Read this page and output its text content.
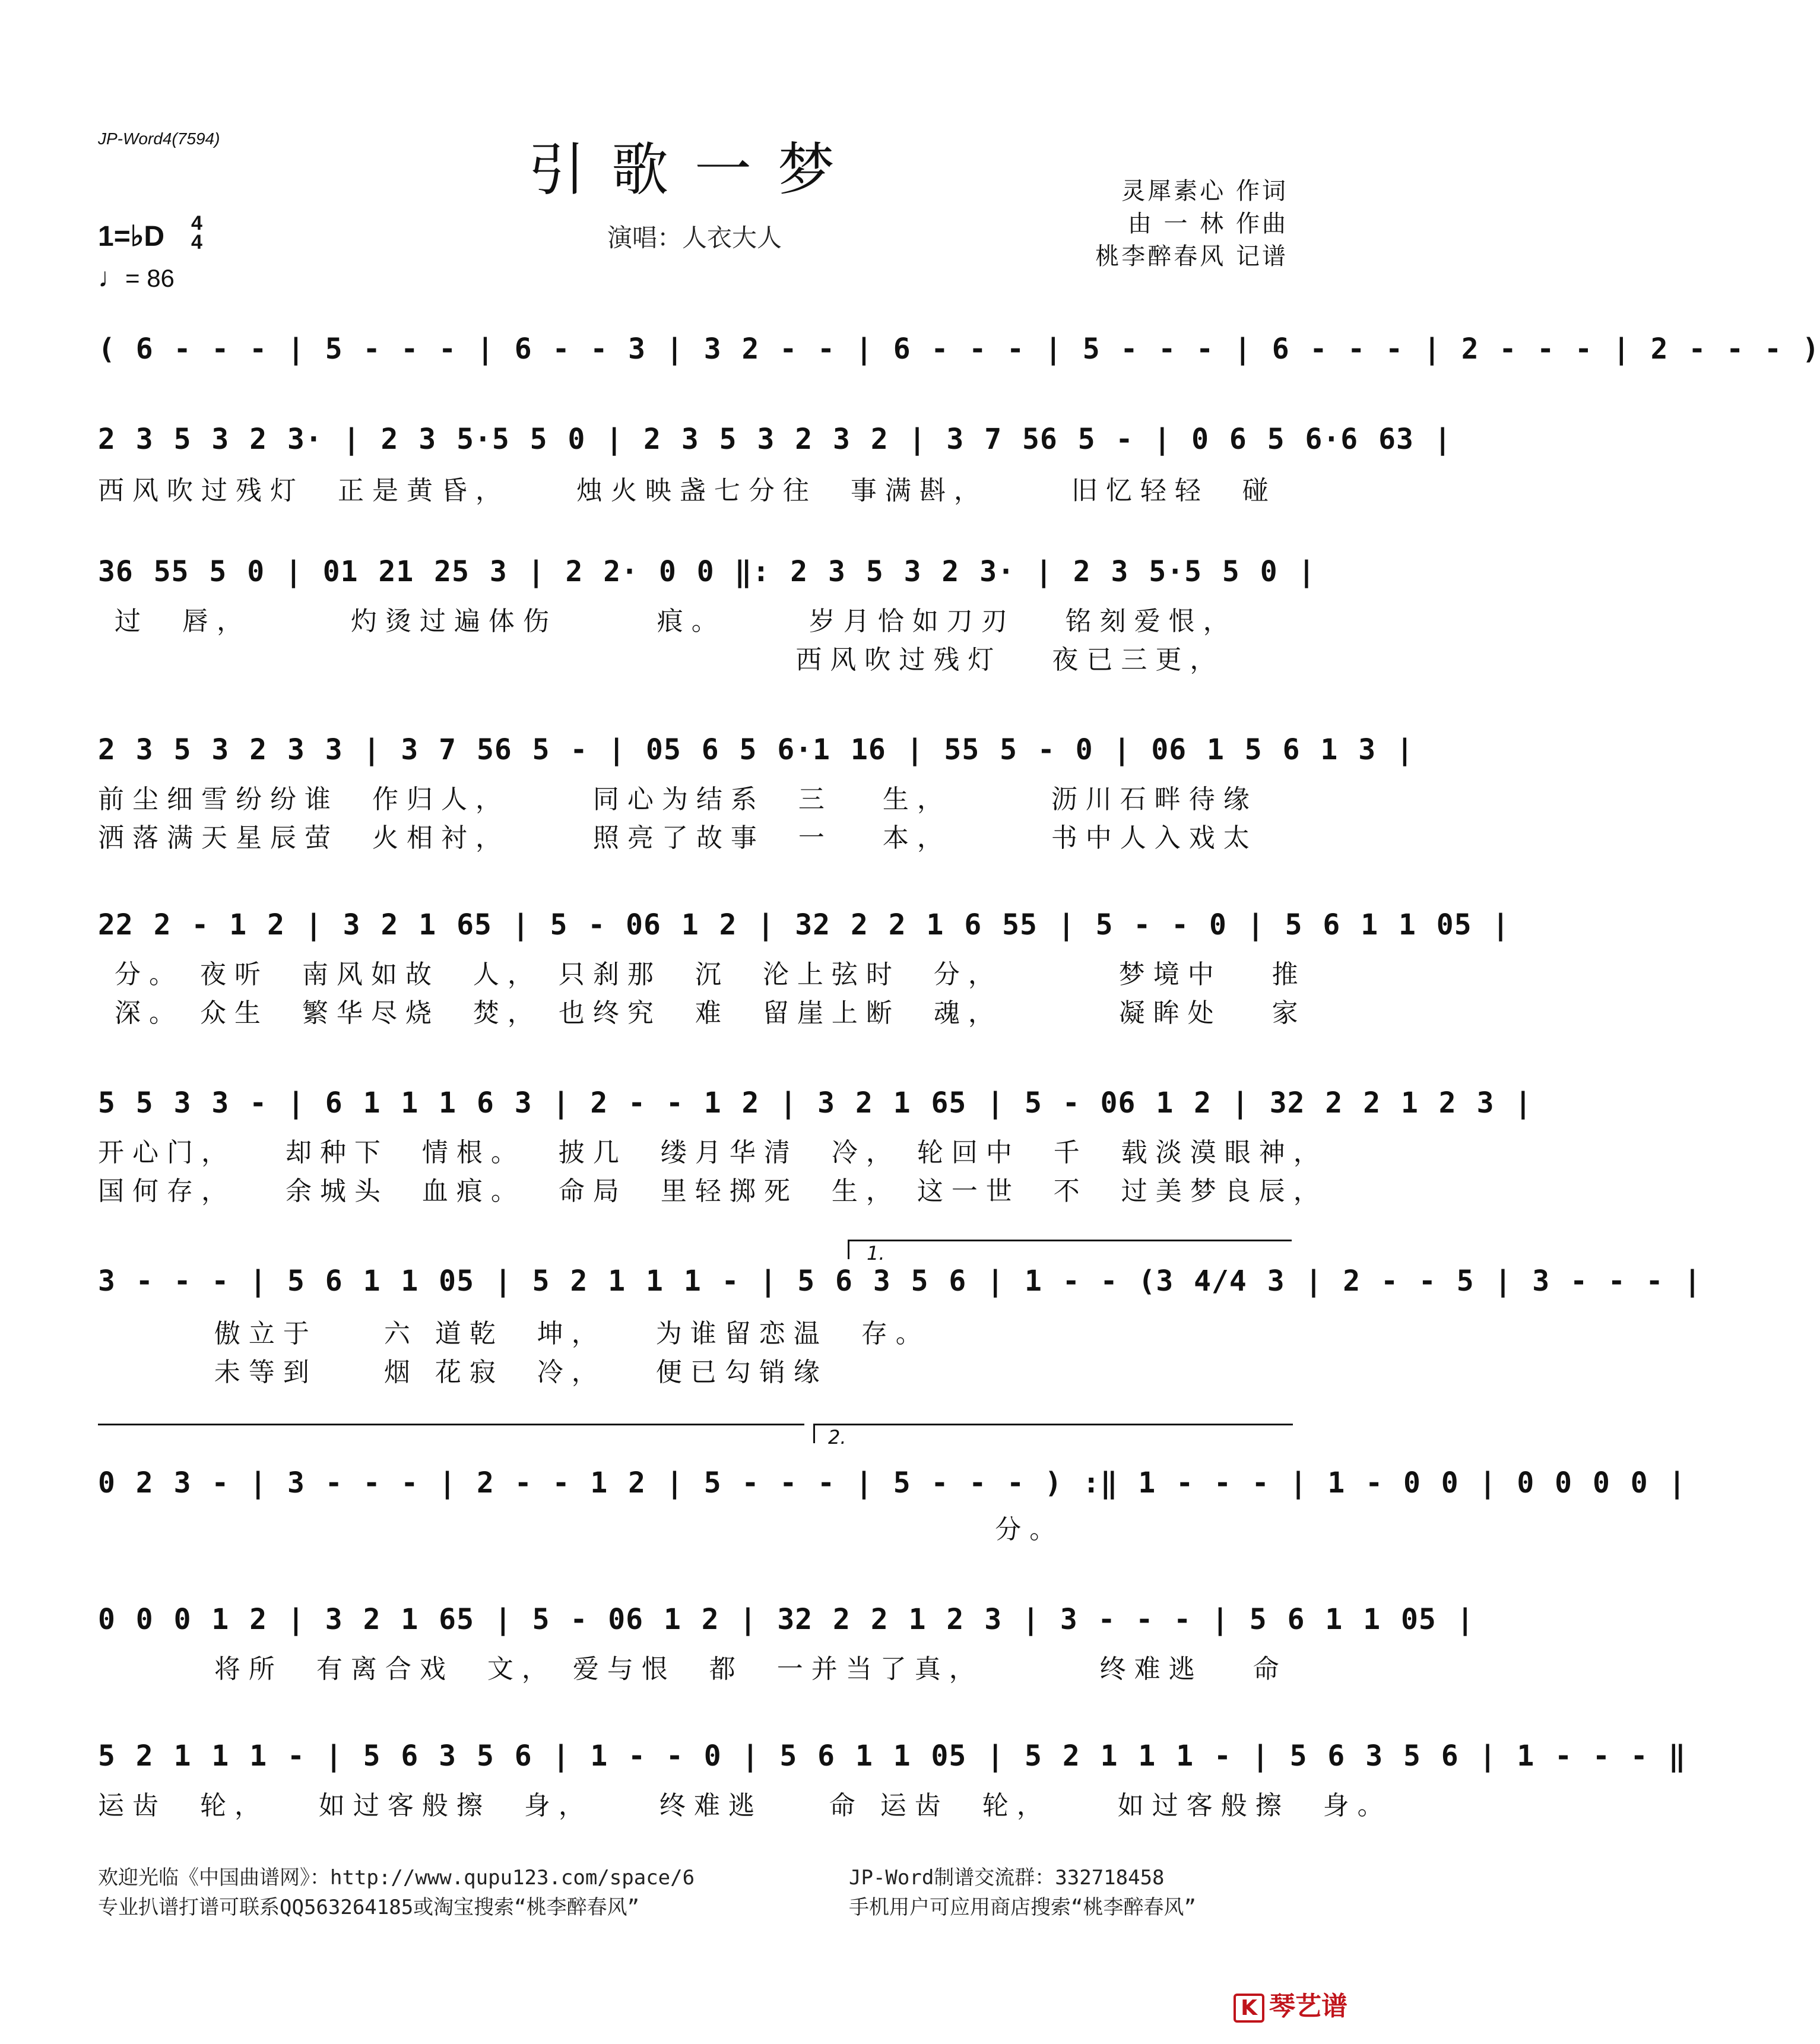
JP-Word4(7594)	引歌一梦
演唱：人衣大人
灵犀素心 作词
由 一 林 作曲
桃李醉春风 记谱
1=♭D 4
4
♩= 86
( 6 - - - | 5 - - - | 6 - - 3 | 3 2 - - | 6 - - - | 5 - - - | 6 - - - | 2 - - - | 2 - - - )
2 3 5 3 2 3· | 2 3 5·5 5 0 | 2 3 5 3 2 3 2 | 3 7 56 5 - | 0 6 5 6·6 63 |
西风吹过残灯  正是黄昏，    烛火映盏七分往  事满斟，     旧忆轻轻  碰
36 55 5 0 | 01 21 25 3 | 2 2· 0 0 ‖: 2 3 5 3 2 3· | 2 3 5·5 5 0 |
过  唇，      灼烫过遍体伤      痕。     岁月恰如刀刃   铭刻爱恨，
西风吹过残灯   夜已三更，
2 3 5 3 2 3 3 | 3 7 56 5 - | 05 6 5 6·1 16 | 55 5 - 0 | 06 1 5 6 1 3 |
前尘细雪纷纷谁  作归人，     同心为结系  三   生，      沥川石畔待缘
洒落满天星辰萤  火相衬，     照亮了故事  一   本，      书中人入戏太
22 2 - 1 2 | 3 2 1 65 | 5 - 06 1 2 | 32 2 2 1 6 55 | 5 - - 0 | 5 6 1 1 05 |
分。 夜听  南风如故  人， 只刹那  沉  沦上弦时  分，       梦境中   推
深。 众生  繁华尽烧  焚， 也终究  难  留崖上断  魂，       凝眸处   家
5 5 3 3 - | 6 1 1 1 6 3 | 2 - - 1 2 | 3 2 1 65 | 5 - 06 1 2 | 32 2 2 1 2 3 |
开心门，   却种下  情根。  披几  缕月华清  冷， 轮回中  千  载淡漠眼神，
国何存，   余城头  血痕。  命局  里轻掷死  生， 这一世  不  过美梦良辰，
1.
3 - - - | 5 6 1 1 05 | 5 2 1 1 1 - | 5 6 3 5 6 | 1 - - (3 4/4 3 | 2 - - 5 | 3 - - - |
傲立于    六 道乾  坤，   为谁留恋温  存。
未等到    烟 花寂  冷，   便已勾销缘
2.
0 2 3 - | 3 - - - | 2 - - 1 2 | 5 - - - | 5 - - - ) :‖ 1 - - - | 1 - 0 0 | 0 0 0 0 |
分。
0 0 0 1 2 | 3 2 1 65 | 5 - 06 1 2 | 32 2 2 1 2 3 | 3 - - - | 5 6 1 1 05 |
将所  有离合戏  文， 爱与恨  都  一并当了真，       终难逃   命
5 2 1 1 1 - | 5 6 3 5 6 | 1 - - 0 | 5 6 1 1 05 | 5 2 1 1 1 - | 5 6 3 5 6 | 1 - - - ‖
运齿  轮，   如过客般擦  身，    终难逃    命 运齿  轮，    如过客般擦  身。
欢迎光临《中国曲谱网》：http://www.qupu123.com/space/6
专业扒谱打谱可联系QQ563264185或淘宝搜索“桃李醉春风”
JP-Word制谱交流群：332718458
手机用户可应用商店搜索“桃李醉春风”
K 琴艺谱
